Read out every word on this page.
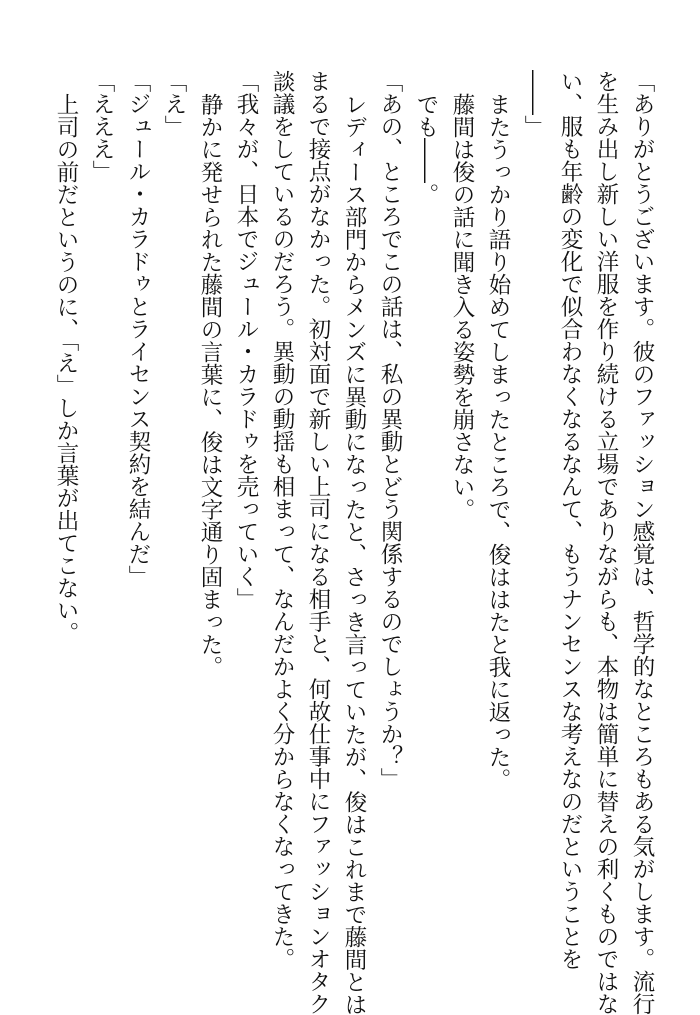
「ありがとうございます。彼のファッション感覚は、哲学的なところもある気がします。流行
を生み出し新しい洋服を作り続ける立場でありながらも、本物は簡単に替えの利くものではな
い、服も年齢の変化で似合わなくなるなんて、もうナンセンスな考えなのだということを
――」
またうっかり語り始めてしまったところで、俊ははたと我に返った。
藤間は俊の話に聞き入る姿勢を崩さない。
でも――。
「あの、ところでこの話は、私の異動とどう関係するのでしょうか？」
レディース部門からメンズに異動になったと、さっき言っていたが、俊はこれまで藤間とは
まるで接点がなかった。初対面で新しい上司になる相手と、何故仕事中にファッションオタク
談議をしているのだろう。異動の動揺も相まって、なんだかよく分からなくなってきた。
「我々が、日本でジュール・カラドゥを売っていく」
静かに発せられた藤間の言葉に、俊は文字通り固まった。
「え」
「ジュール・カラドゥとライセンス契約を結んだ」
「えええ」
上司の前だというのに、「え」しか言葉が出てこない。
